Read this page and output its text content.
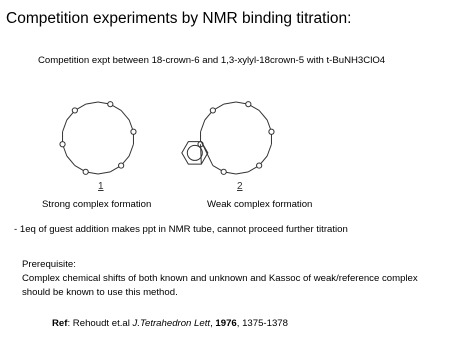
Competition experiments by NMR binding titration:
Competition expt between 18-crown-6 and 1,3-xylyl-18crown-5 with t-BuNH3ClO4
1	2
Strong complex formation	Weak complex formation
- 1eq of guest addition makes ppt in NMR tube, cannot proceed further titration
Prerequisite:
Complex chemical shifts of both known and unknown and Kassoc of weak/reference complex
should be known to use this method.
Ref: Rehoudt et.al J.Tetrahedron Lett, 1976, 1375-1378
